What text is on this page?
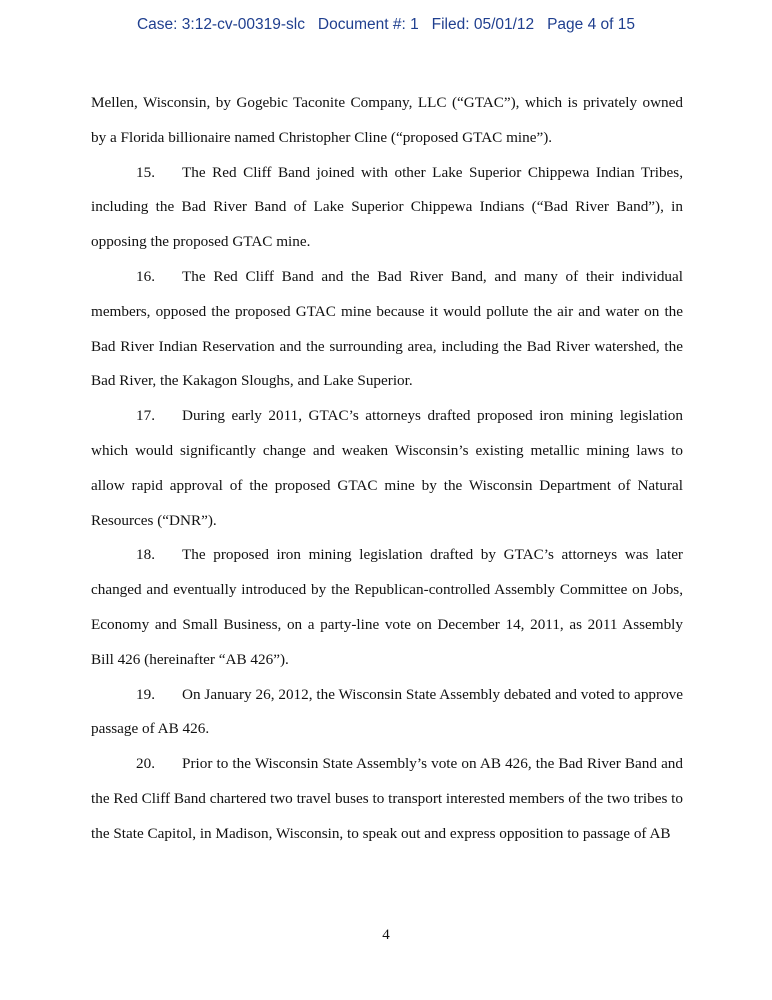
Case: 3:12-cv-00319-slc Document #: 1 Filed: 05/01/12 Page 4 of 15

Mellen, Wisconsin, by Gogebic Taconite Company, LLC (“GTAC”), which is privately owned by a Florida billionaire named Christopher Cline (“proposed GTAC mine”).

15. The Red Cliff Band joined with other Lake Superior Chippewa Indian Tribes, including the Bad River Band of Lake Superior Chippewa Indians (“Bad River Band”), in opposing the proposed GTAC mine.

16. The Red Cliff Band and the Bad River Band, and many of their individual members, opposed the proposed GTAC mine because it would pollute the air and water on the Bad River Indian Reservation and the surrounding area, including the Bad River watershed, the Bad River, the Kakagon Sloughs, and Lake Superior.

17. During early 2011, GTAC’s attorneys drafted proposed iron mining legislation which would significantly change and weaken Wisconsin’s existing metallic mining laws to allow rapid approval of the proposed GTAC mine by the Wisconsin Department of Natural Resources (“DNR”).

18. The proposed iron mining legislation drafted by GTAC’s attorneys was later changed and eventually introduced by the Republican-controlled Assembly Committee on Jobs, Economy and Small Business, on a party-line vote on December 14, 2011, as 2011 Assembly Bill 426 (hereinafter “AB 426”).

19. On January 26, 2012, the Wisconsin State Assembly debated and voted to approve passage of AB 426.

20. Prior to the Wisconsin State Assembly’s vote on AB 426, the Bad River Band and the Red Cliff Band chartered two travel buses to transport interested members of the two tribes to the State Capitol, in Madison, Wisconsin, to speak out and express opposition to passage of AB

4
